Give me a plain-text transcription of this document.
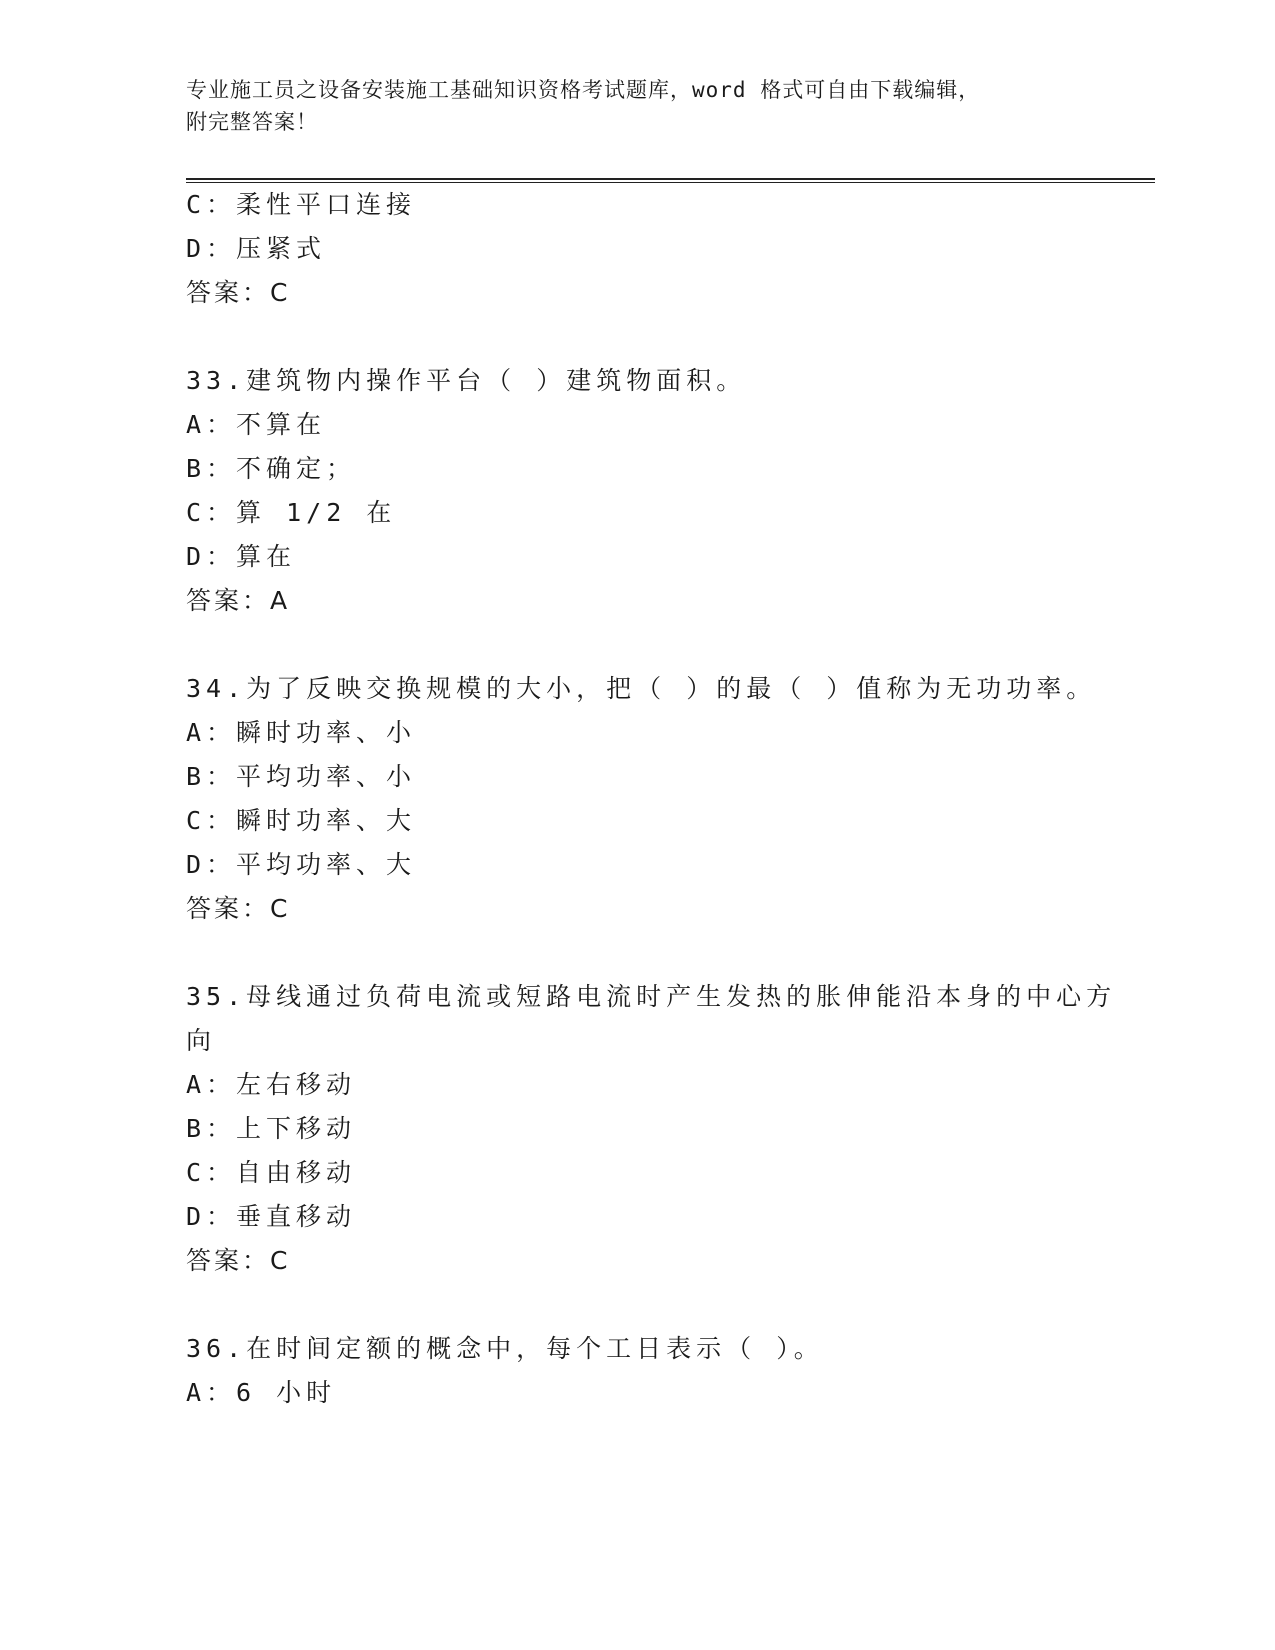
专业施工员之设备安装施工基础知识资格考试题库，word 格式可自由下载编辑，
附完整答案！
C：柔性平口连接
D：压紧式
答案：C
33.建筑物内操作平台（ ）建筑物面积。
A：不算在
B：不确定；
C：算 1/2 在
D：算在
答案：A
34.为了反映交换规模的大小，把（ ）的最（ ）值称为无功功率。
A：瞬时功率、小
B：平均功率、小
C：瞬时功率、大
D：平均功率、大
答案：C
35.母线通过负荷电流或短路电流时产生发热的胀伸能沿本身的中心方
向
A：左右移动
B：上下移动
C：自由移动
D：垂直移动
答案：C
36.在时间定额的概念中，每个工日表示（ ）。
A：6 小时
